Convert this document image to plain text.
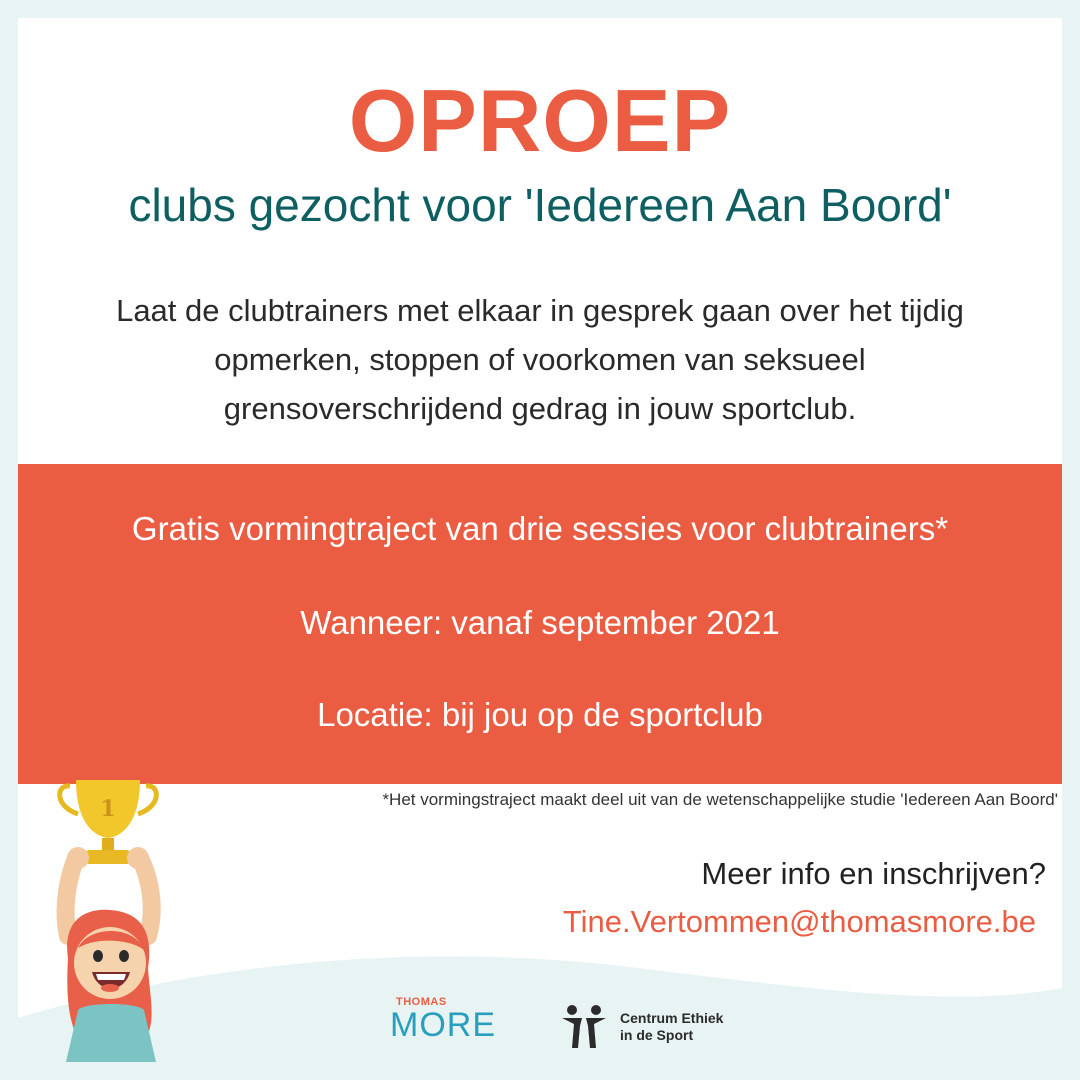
OPROEP
clubs gezocht voor 'Iedereen Aan Boord'
Laat de clubtrainers met elkaar in gesprek gaan over het tijdig
opmerken, stoppen of voorkomen van seksueel
grensoverschrijdend gedrag in jouw sportclub.
Gratis vormingtraject van drie sessies voor clubtrainers*
Wanneer: vanaf september 2021
Locatie: bij jou op de sportclub
*Het vormingstraject maakt deel uit van de wetenschappelijke studie 'Iedereen Aan Boord'
Meer info en inschrijven?
Tine.Vertommen@thomasmore.be
1
THOMAS
MORE	Centrum Ethiek
in de Sport
